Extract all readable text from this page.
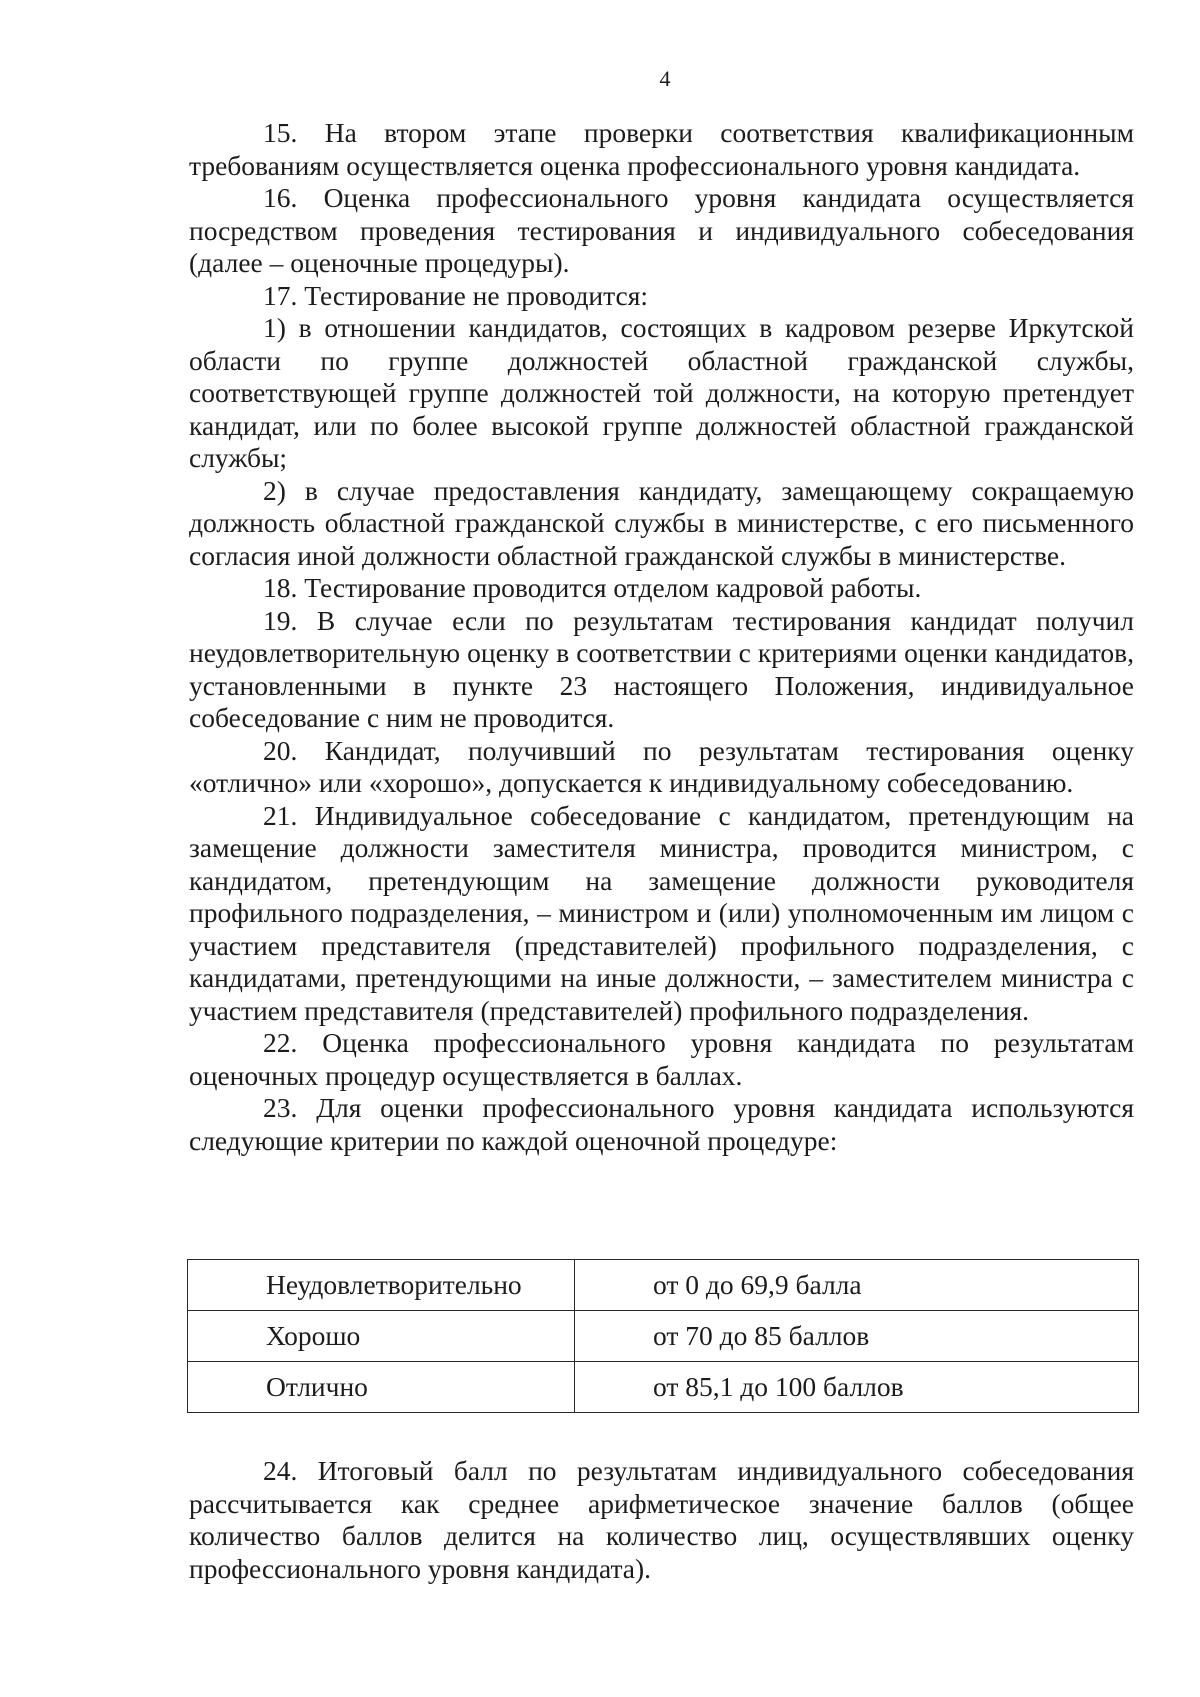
4

15. На втором этапе проверки соответствия квалификационным требованиям осуществляется оценка профессионального уровня кандидата.

16. Оценка профессионального уровня кандидата осуществляется посредством проведения тестирования и индивидуального собеседования (далее – оценочные процедуры).

17. Тестирование не проводится:

1) в отношении кандидатов, состоящих в кадровом резерве Иркутской области по группе должностей областной гражданской службы, соответствующей группе должностей той должности, на которую претендует кандидат, или по более высокой группе должностей областной гражданской службы;

2) в случае предоставления кандидату, замещающему сокращаемую должность областной гражданской службы в министерстве, с его письменного согласия иной должности областной гражданской службы в министерстве.

18. Тестирование проводится отделом кадровой работы.

19. В случае если по результатам тестирования кандидат получил неудовлетворительную оценку в соответствии с критериями оценки кандидатов, установленными в пункте 23 настоящего Положения, индивидуальное собеседование с ним не проводится.

20. Кандидат, получивший по результатам тестирования оценку «отлично» или «хорошо», допускается к индивидуальному собеседованию.

21. Индивидуальное собеседование с кандидатом, претендующим на замещение должности заместителя министра, проводится министром, с кандидатом, претендующим на замещение должности руководителя профильного подразделения, – министром и (или) уполномоченным им лицом с участием представителя (представителей) профильного подразделения, с кандидатами, претендующими на иные должности, – заместителем министра с участием представителя (представителей) профильного подразделения.

22. Оценка профессионального уровня кандидата по результатам оценочных процедур осуществляется в баллах.

23. Для оценки профессионального уровня кандидата используются следующие критерии по каждой оценочной процедуре:

Неудовлетворительно	от 0 до 69,9 балла
Хорошо	от 70 до 85 баллов
Отлично	от 85,1 до 100 баллов

24. Итоговый балл по результатам индивидуального собеседования рассчитывается как среднее арифметическое значение баллов (общее количество баллов делится на количество лиц, осуществлявших оценку профессионального уровня кандидата).
